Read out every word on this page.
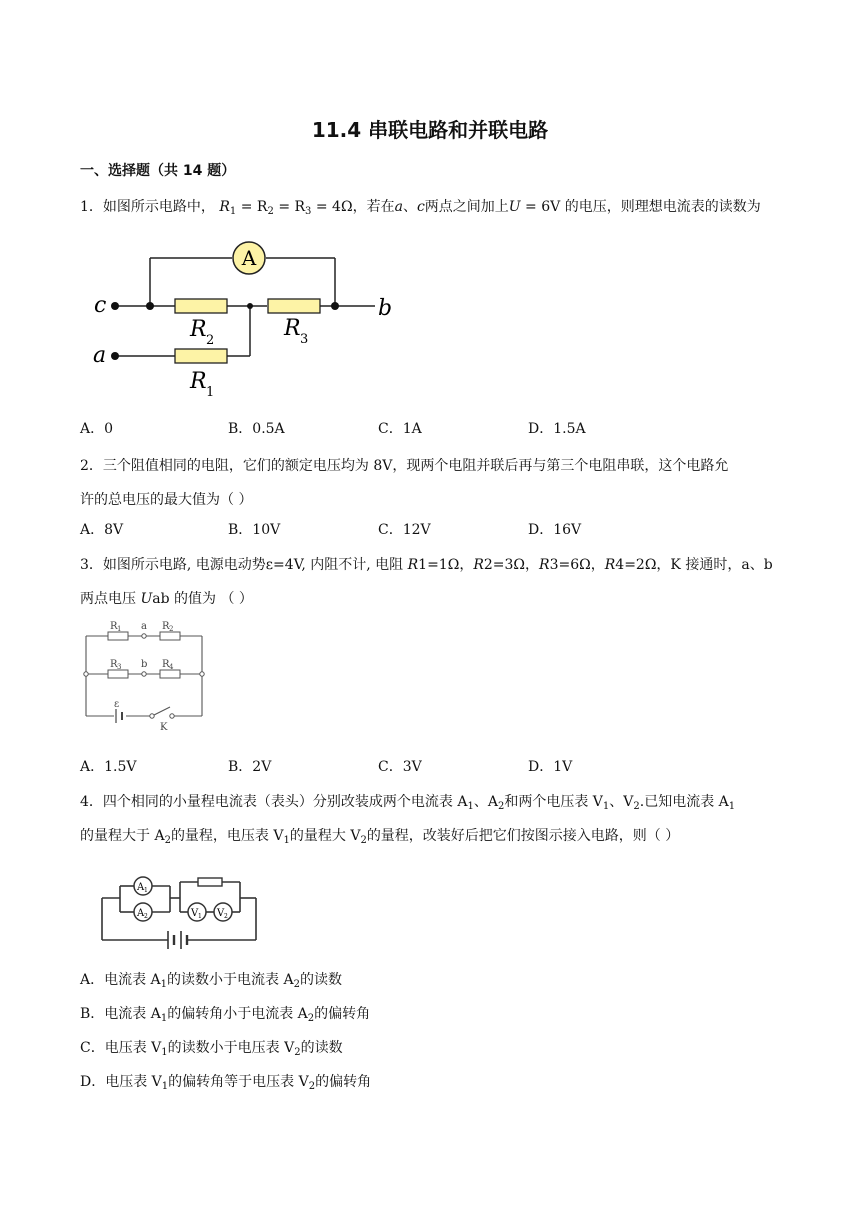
11.4 串联电路和并联电路
一、选择题（共 14 题）
1．如图所示电路中， $R_1 = R_2 = R_3 = 4\Omega$，若在a、c两点之间加上U = 6V 的电压，则理想电流表的读数为
A
c	b
a
R 2	R 3
R 1
A．0	B．0.5A	C．1A	D．1.5A
2．三个阻值相同的电阻，它们的额定电压均为 8V，现两个电阻并联后再与第三个电阻串联，这个电路允
许的总电压的最大值为（ ）
A．8V	B．10V	C．12V	D．16V
3．如图所示电路, 电源电动势ε=4V, 内阻不计, 电阻 R1=1Ω，R2=3Ω，R3=6Ω，R4=2Ω，K 接通时，a、b
两点电压 Uab 的值为 （ ）
R 1 a R 2
R 3 b R 4
ε
K
A．1.5V	B．2V	C．3V	D．1V
4．四个相同的小量程电流表（表头）分别改装成两个电流表 $A_1$、$A_2$和两个电压表 $V_1$、$V_2$.已知电流表 $A_1$
的量程大于 $A_2$的量程，电压表 $V_1$的量程大 $V_2$的量程，改装好后把它们按图示接入电路，则（ ）
A 1
A 2	V 1 V 2
A．电流表 $A_1$的读数小于电流表 $A_2$的读数
B．电流表 $A_1$的偏转角小于电流表 $A_2$的偏转角
C．电压表 $V_1$的读数小于电压表 $V_2$的读数
D．电压表 $V_1$的偏转角等于电压表 $V_2$的偏转角
